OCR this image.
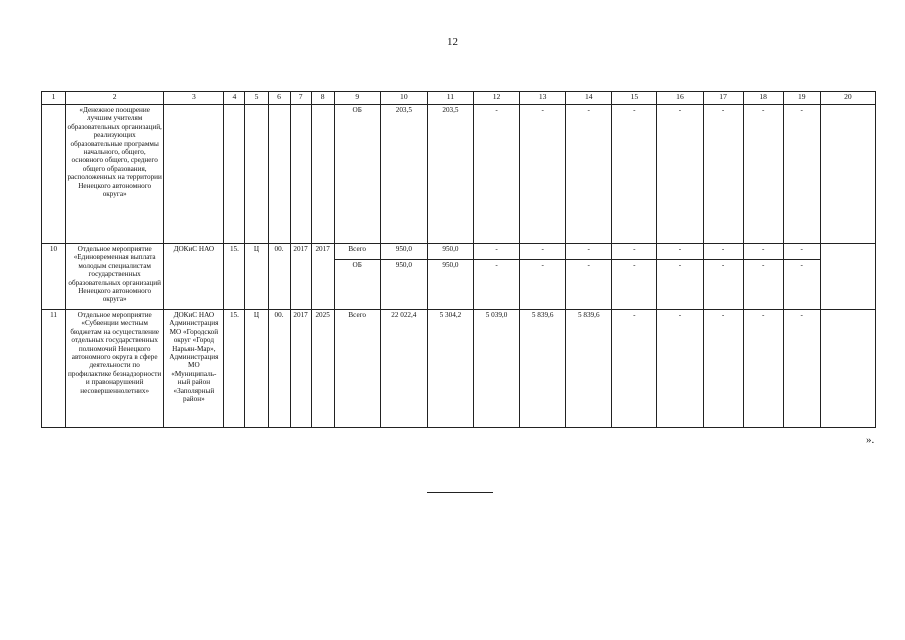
12
1	2	3	4	5	6	7	8	9	10	11	12	13	14	15	16	17	18	19	20
	«Денежное поощрение лучшим учителям образовательных организаций, реализующих образовательные программы начального, общего, основного общего, среднего общего образования, расположенных на территории Ненецкого автономного округа»							ОБ	203,5	203,5	-	-	-	-	-	-	-	-	
10	Отдельное мероприятие «Единовременная выплата молодым специалистам государственных образовательных организаций Ненецкого автономного округа»	ДОКиС НАО	15.	Ц	00.	2017	2017	Всего	950,0	950,0	-	-	-	-	-	-	-	-	
								ОБ	950,0	950,0	-	-	-	-	-	-	-	-	
11	Отдельное мероприятие «Субвенции местным бюджетам на осуществление отдельных государственных полномочий Ненецкого автономного округа в сфере деятельности по профилактике безнадзорности и правонарушений несовершеннолетних»	ДОКиС НАО Администрация МО «Городской округ «Город Нарьян-Мар», Администрация МО «Муниципаль-ный район «Заполярный район»	15.	Ц	00.	2017	2025	Всего	22 022,4	5 304,2	5 039,0	5 839,6	5 839,6	-	-	-	-	-	
».
